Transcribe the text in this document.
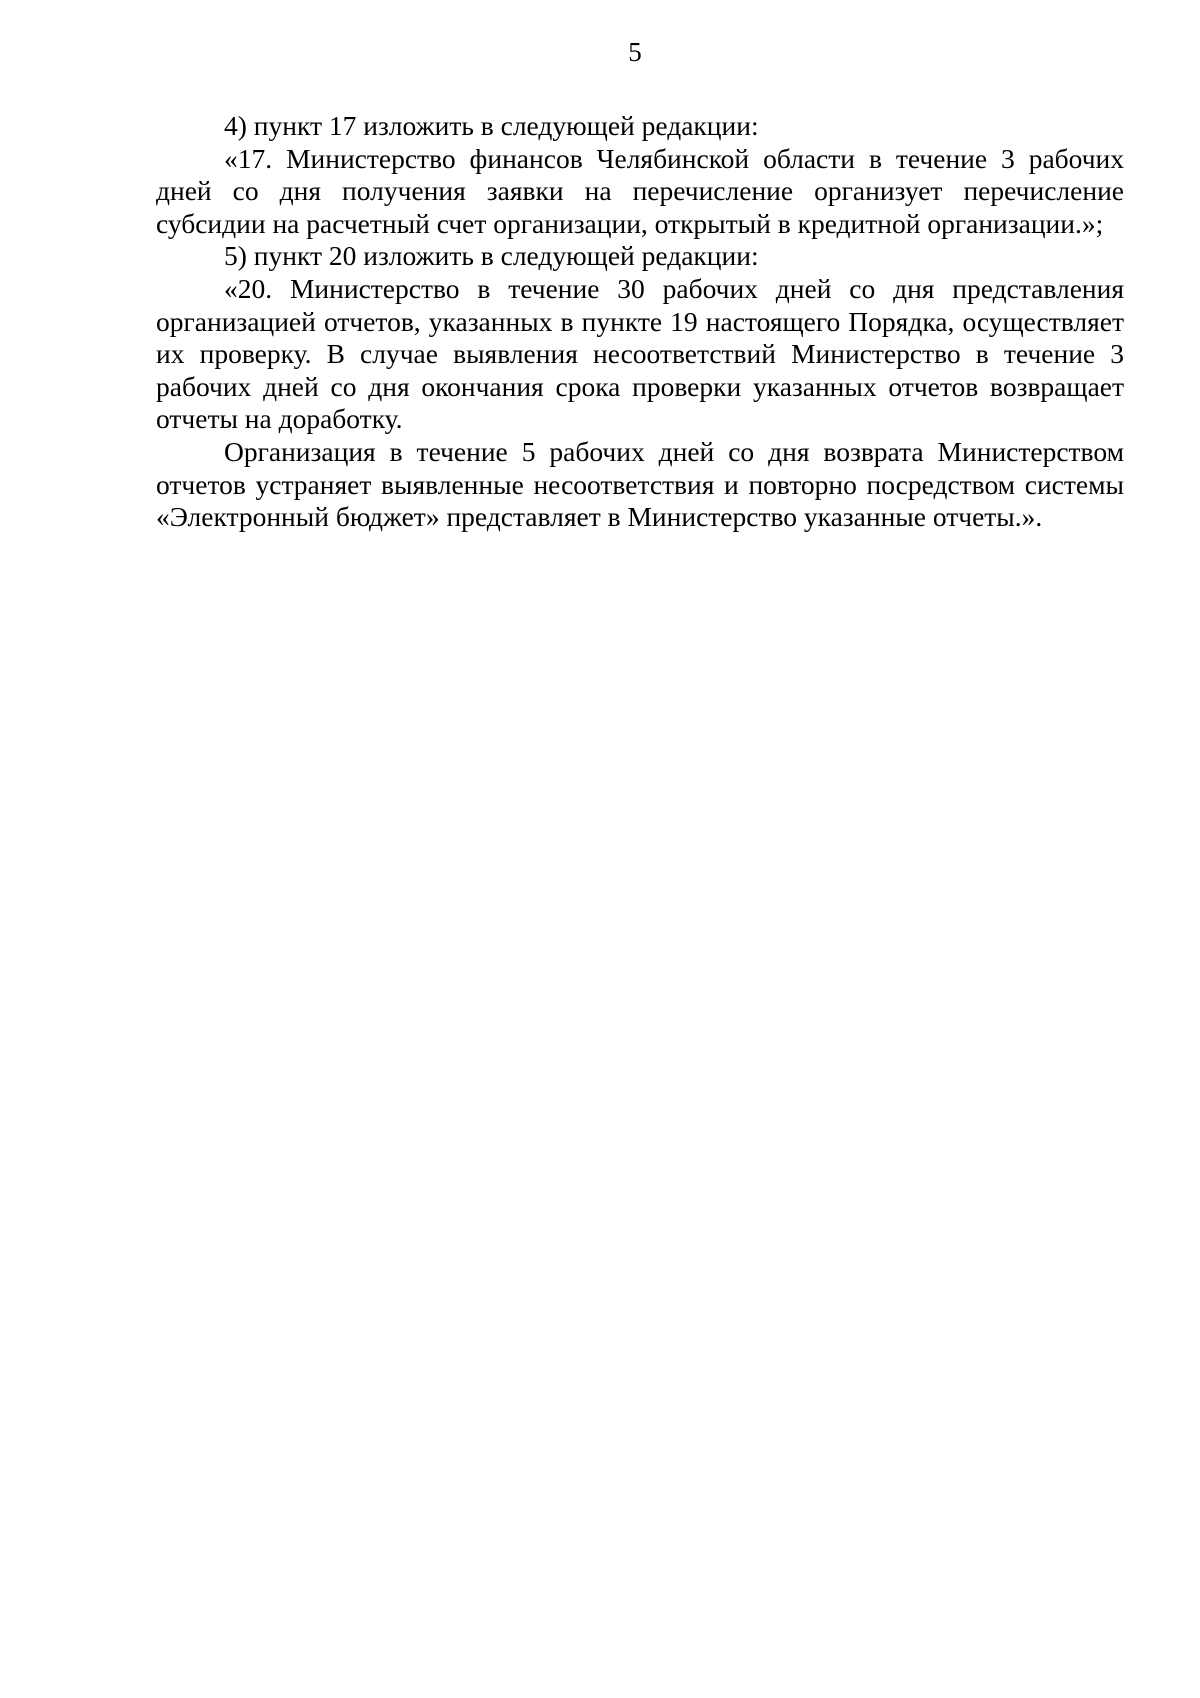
5

4) пункт 17 изложить в следующей редакции:

«17. Министерство финансов Челябинской области в течение 3 рабочих дней со дня получения заявки на перечисление организует перечисление субсидии на расчетный счет организации, открытый в кредитной организации.»;

5) пункт 20 изложить в следующей редакции:

«20. Министерство в течение 30 рабочих дней со дня представления организацией отчетов, указанных в пункте 19 настоящего Порядка, осуществляет их проверку. В случае выявления несоответствий Министерство в течение 3 рабочих дней со дня окончания срока проверки указанных отчетов возвращает отчеты на доработку.

Организация в течение 5 рабочих дней со дня возврата Министерством отчетов устраняет выявленные несоответствия и повторно посредством системы «Электронный бюджет» представляет в Министерство указанные отчеты.».
